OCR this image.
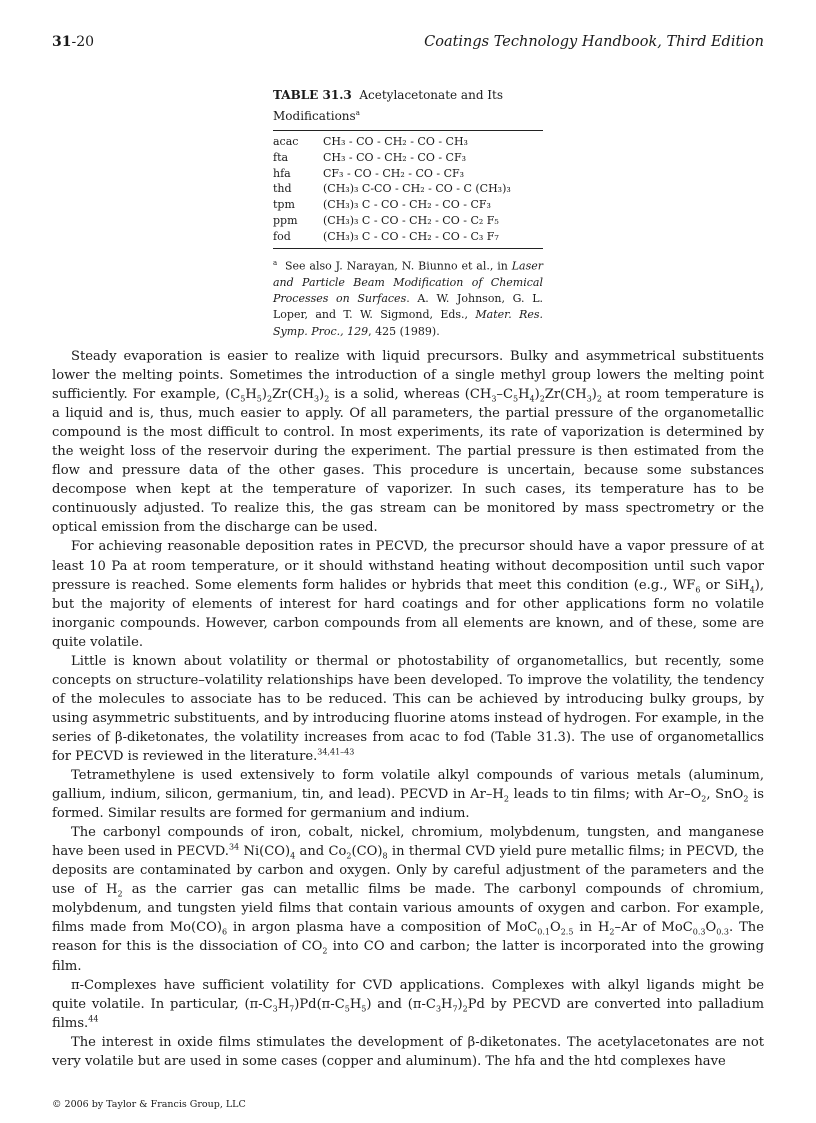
31-20	Coatings Technology Handbook, Third Edition
TABLE 31.3 Acetylacetonate and Its Modifications$^a$
acac	CH₃ - CO - CH₂ - CO - CH₃
fta	CH₃ - CO - CH₂ - CO - CF₃
hfa	CF₃ - CO - CH₂ - CO - CF₃
thd	(CH₃)₃ C-CO - CH₂ - CO - C (CH₃)₃
tpm	(CH₃)₃ C - CO - CH₂ - CO - CF₃
ppm	(CH₃)₃ C - CO - CH₂ - CO - C₂ F₅
fod	(CH₃)₃ C - CO - CH₂ - CO - C₃ F₇
$^a$ See also J. Narayan, N. Biunno et al., in Laser and Particle Beam Modification of Chemical Processes on Surfaces. A. W. Johnson, G. L. Loper, and T. W. Sigmond, Eds., Mater. Res. Symp. Proc., 129, 425 (1989).

Steady evaporation is easier to realize with liquid precursors. Bulky and asymmetrical substituents lower the melting points. Sometimes the introduction of a single methyl group lowers the melting point sufficiently. For example, $(C_5H_5)_2Zr(CH_3)_2$ is a solid, whereas $(CH_3-C_5H_4)_2Zr(CH_3)_2$ at room temperature is a liquid and is, thus, much easier to apply. Of all parameters, the partial pressure of the organometallic compound is the most difficult to control. In most experiments, its rate of vaporization is determined by the weight loss of the reservoir during the experiment. The partial pressure is then estimated from the flow and pressure data of the other gases. This procedure is uncertain, because some substances decompose when kept at the temperature of vaporizer. In such cases, its temperature has to be continuously adjusted. To realize this, the gas stream can be monitored by mass spectrometry or the optical emission from the discharge can be used.

For achieving reasonable deposition rates in PECVD, the precursor should have a vapor pressure of at least 10 Pa at room temperature, or it should withstand heating without decomposition until such vapor pressure is reached. Some elements form halides or hybrids that meet this condition (e.g., $WF_6$ or SiH$_4$), but the majority of elements of interest for hard coatings and for other applications form no volatile inorganic compounds. However, carbon compounds from all elements are known, and of these, some are quite volatile.

Little is known about volatility or thermal or photostability of organometallics, but recently, some concepts on structure–volatility relationships have been developed. To improve the volatility, the tendency of the molecules to associate has to be reduced. This can be achieved by introducing bulky groups, by using asymmetric substituents, and by introducing fluorine atoms instead of hydrogen. For example, in the series of β-diketonates, the volatility increases from acac to fod (Table 31.3). The use of organometallics for PECVD is reviewed in the literature.$^{34,41-43}$

Tetramethylene is used extensively to form volatile alkyl compounds of various metals (aluminum, gallium, indium, silicon, germanium, tin, and lead). PECVD in $Ar-H_2$ leads to tin films; with $Ar-O_2$, SnO$_2$ is formed. Similar results are formed for germanium and indium.

The carbonyl compounds of iron, cobalt, nickel, chromium, molybdenum, tungsten, and manganese have been used in PECVD.$^{34}$ $Ni(CO)_4$ and $Co_2(CO)_8$ in thermal CVD yield pure metallic films; in PECVD, the deposits are contaminated by carbon and oxygen. Only by careful adjustment of the parameters and the use of $H_2$ as the carrier gas can metallic films be made. The carbonyl compounds of chromium, molybdenum, and tungsten yield films that contain various amounts of oxygen and carbon. For example, films made from $Mo(CO)_6$ in argon plasma have a composition of $MoC_{0.1}O_{2.5}$ in $H_2-Ar$ of $MoC_{0.3}O_{0.3}$. The reason for this is the dissociation of $CO_2$ into CO and carbon; the latter is incorporated into the growing film.

π-Complexes have sufficient volatility for CVD applications. Complexes with alkyl ligands might be quite volatile. In particular, $(\pi-C_3H_7)Pd(\pi-C_5H_5)$ and $(\pi-C_3H_7)_2Pd$ by PECVD are converted into palladium films.$^{44}$

The interest in oxide films stimulates the development of β-diketonates. The acetylacetonates are not very volatile but are used in some cases (copper and aluminum). The hfa and the htd complexes have

© 2006 by Taylor & Francis Group, LLC
